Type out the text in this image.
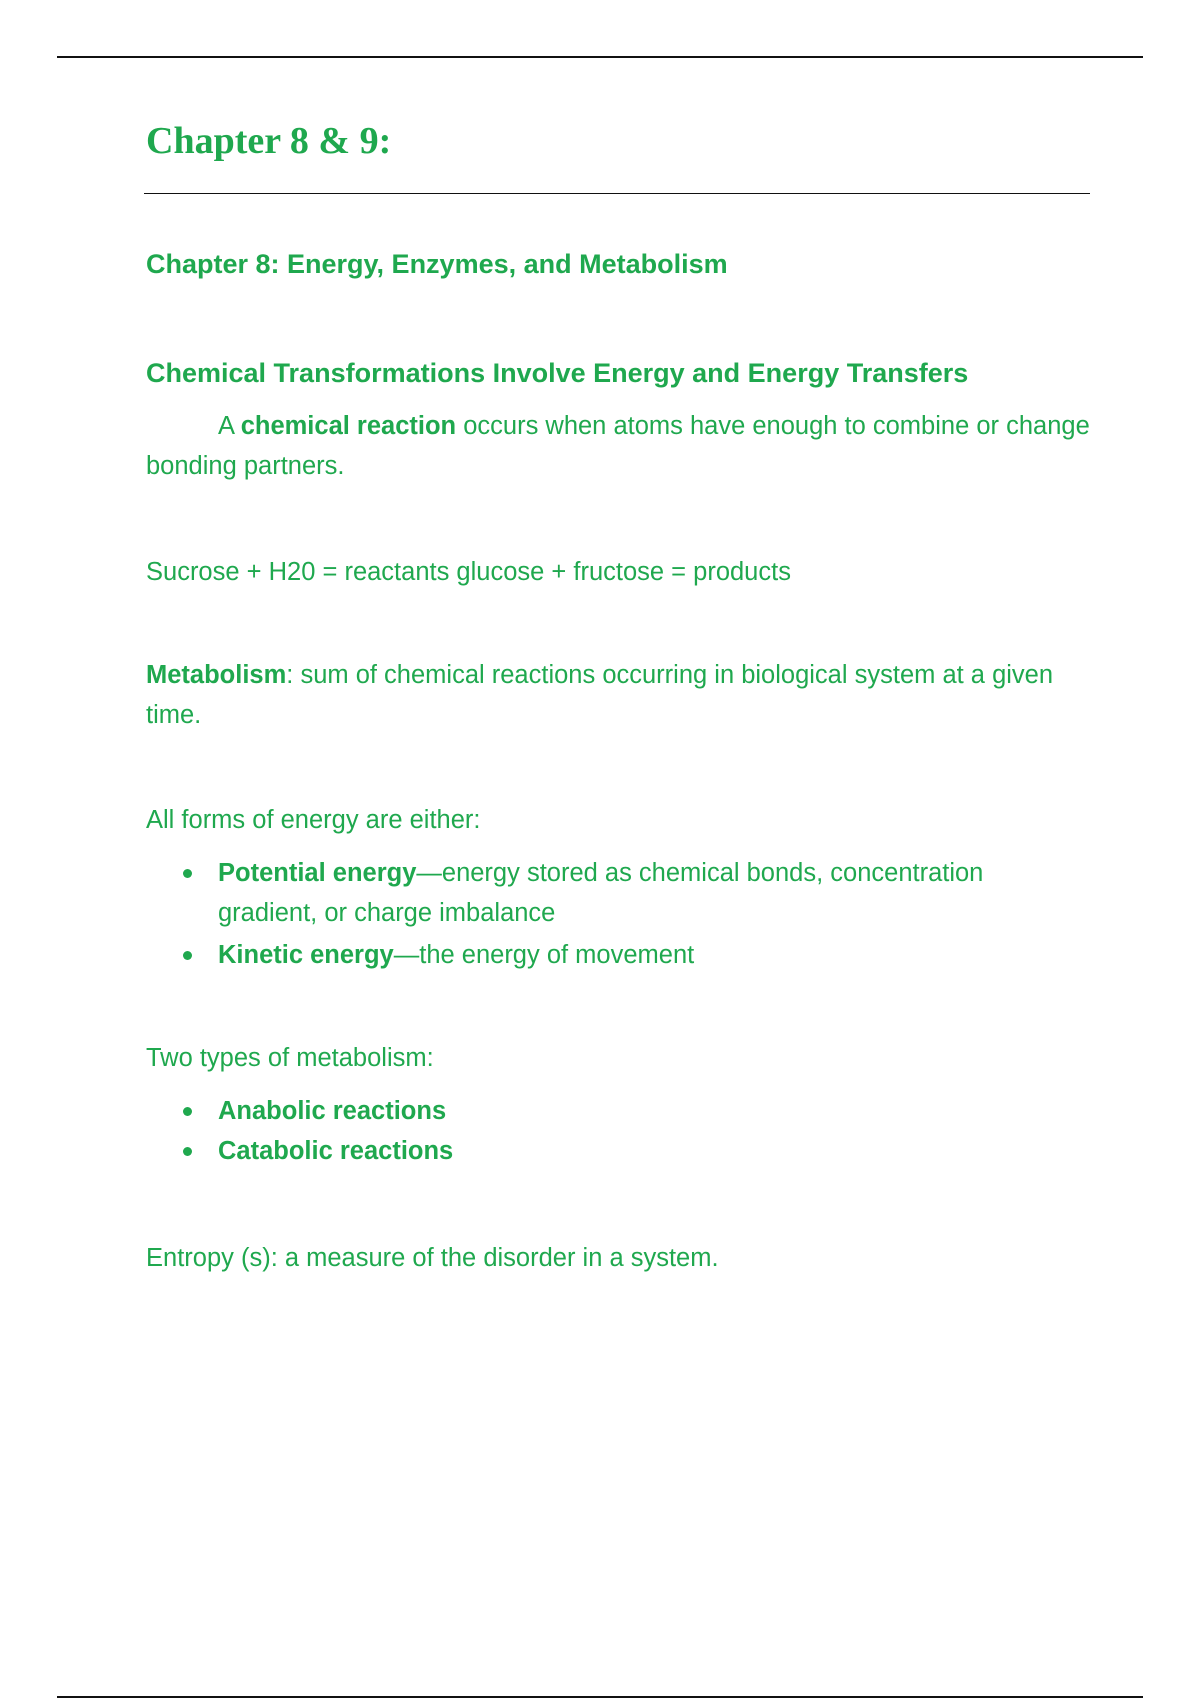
Chapter 8 & 9:
Chapter 8: Energy, Enzymes, and Metabolism
Chemical Transformations Involve Energy and Energy Transfers

A chemical reaction occurs when atoms have enough to combine or change bonding partners.

Sucrose + H20 = reactants glucose + fructose = products

Metabolism: sum of chemical reactions occurring in biological system at a given time.

All forms of energy are either:

Potential energy—energy stored as chemical bonds, concentration gradient, or charge imbalance
Kinetic energy—the energy of movement

Two types of metabolism:

Anabolic reactions
Catabolic reactions

Entropy (s): a measure of the disorder in a system.
